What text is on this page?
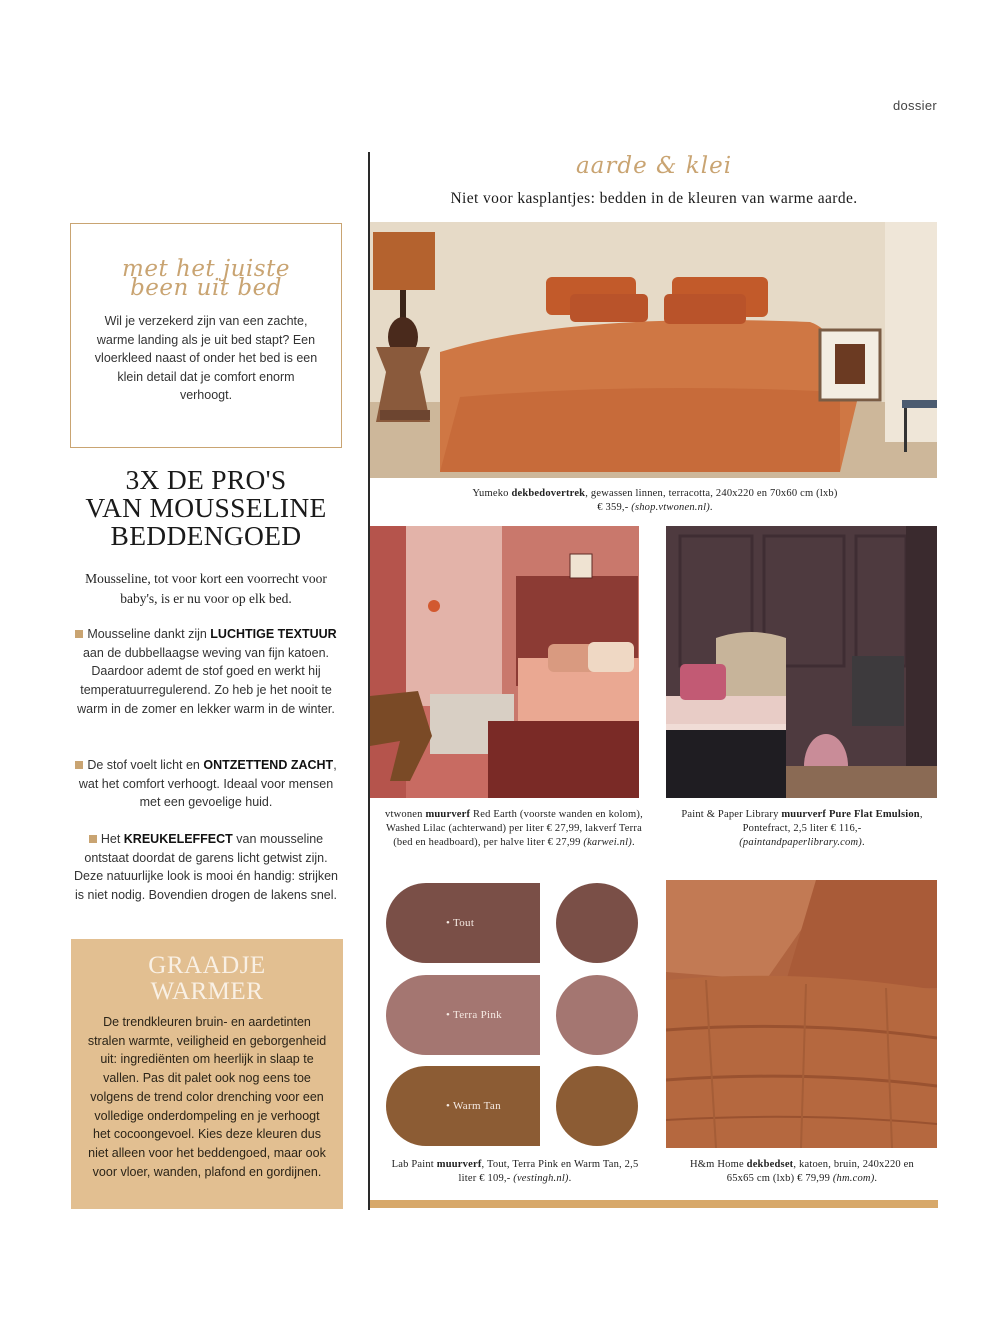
dossier
met het juiste been uit bed
Wil je verzekerd zijn van een zachte, warme landing als je uit bed stapt? Een vloerkleed naast of onder het bed is een klein detail dat je comfort enorm verhoogt.
3X DE PRO'S
VAN MOUSSELINE
BEDDENGOED
Mousseline, tot voor kort een voorrecht voor baby's, is er nu voor op elk bed.
Mousseline dankt zijn LUCHTIGE TEXTUUR aan de dubbellaagse weving van fijn katoen. Daardoor ademt de stof goed en werkt hij temperatuurregulerend. Zo heb je het nooit te warm in de zomer en lekker warm in de winter.
De stof voelt licht en ONTZETTEND ZACHT, wat het comfort verhoogt. Ideaal voor mensen met een gevoelige huid.
Het KREUKELEFFECT van mousseline ontstaat doordat de garens licht getwist zijn. Deze natuurlijke look is mooi én handig: strijken is niet nodig. Bovendien drogen de lakens snel.
GRAADJE
WARMER
De trendkleuren bruin- en aardetinten stralen warmte, veiligheid en geborgenheid uit: ingrediënten om heerlijk in slaap te vallen. Pas dit palet ook nog eens toe volgens de trend color drenching voor een volledige onderdompeling en je verhoogt het cocoongevoel. Kies deze kleuren dus niet alleen voor het beddengoed, maar ook voor vloer, wanden, plafond en gordijnen.
aarde & klei
Niet voor kasplantjes: bedden in de kleuren van warme aarde.
Yumeko dekbedovertrek, gewassen linnen, terracotta, 240x220 en 70x60 cm (lxb)
€ 359,- (shop.vtwonen.nl).
vtwonen muurverf Red Earth (voorste wanden en kolom), Washed Lilac (achterwand) per liter € 27,99, lakverf Terra (bed en headboard), per halve liter € 27,99 (karwei.nl).
Paint & Paper Library muurverf Pure Flat Emulsion, Pontefract, 2,5 liter € 116,-
(paintandpaperlibrary.com).
• Tout
• Terra Pink
• Warm Tan
Lab Paint muurverf, Tout, Terra Pink en Warm Tan, 2,5 liter € 109,- (vestingh.nl).
H&m Home dekbedset, katoen, bruin, 240x220 en 65x65 cm (lxb) € 79,99 (hm.com).
